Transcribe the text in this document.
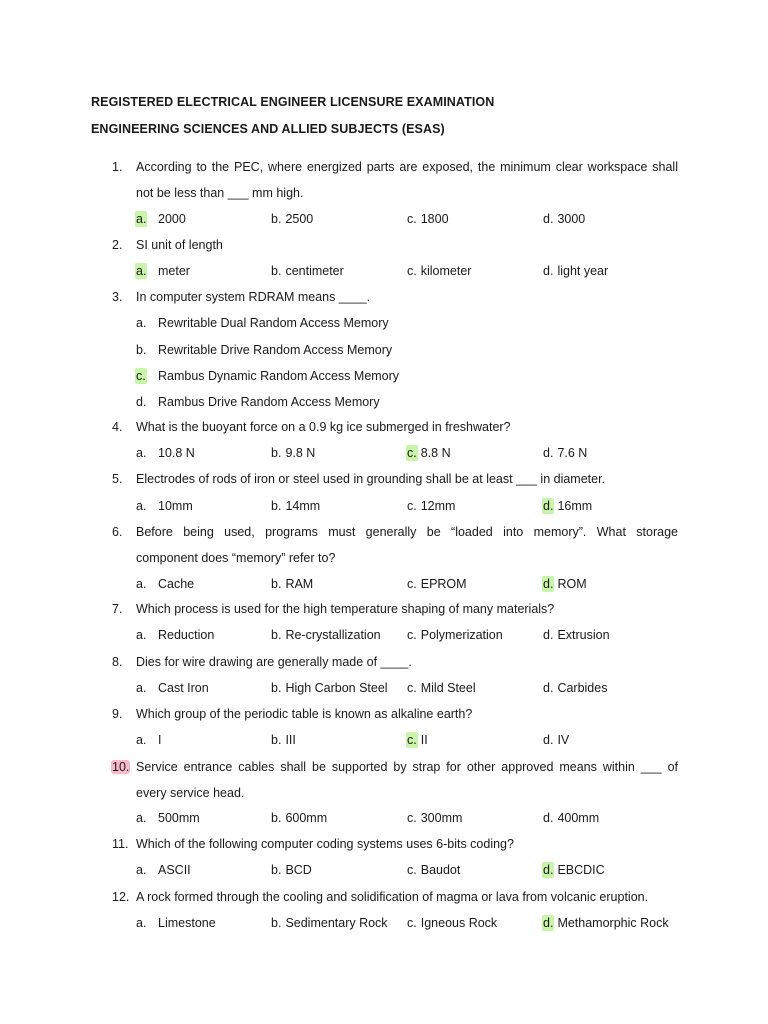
REGISTERED ELECTRICAL ENGINEER LICENSURE EXAMINATION
ENGINEERING SCIENCES AND ALLIED SUBJECTS (ESAS)
1. According to the PEC, where energized parts are exposed, the minimum clear workspace shall
not be less than ___ mm high.
a. 2000	b. 2500	c. 1800	d. 3000
2. SI unit of length
a. meter	b. centimeter	c. kilometer	d. light year
3. In computer system RDRAM means ____.
a. Rewritable Dual Random Access Memory
b. Rewritable Drive Random Access Memory
c. Rambus Dynamic Random Access Memory
d. Rambus Drive Random Access Memory
4. What is the buoyant force on a 0.9 kg ice submerged in freshwater?
a. 10.8 N	b. 9.8 N	c. 8.8 N	d. 7.6 N
5. Electrodes of rods of iron or steel used in grounding shall be at least ___ in diameter.
a. 10mm	b. 14mm	c. 12mm	d. 16mm
6. Before being used, programs must generally be “loaded into memory”. What storage
component does “memory” refer to?
a. Cache	b. RAM	c. EPROM	d. ROM
7. Which process is used for the high temperature shaping of many materials?
a. Reduction	b. Re-crystallization c. Polymerization	d. Extrusion
8. Dies for wire drawing are generally made of ____.
a. Cast Iron	b. High Carbon Steel c. Mild Steel	d. Carbides
9. Which group of the periodic table is known as alkaline earth?
a. I	b. III	c. II	d. IV
10. Service entrance cables shall be supported by strap for other approved means within ___ of
every service head.
a. 500mm	b. 600mm	c. 300mm	d. 400mm
11. Which of the following computer coding systems uses 6-bits coding?
a. ASCII	b. BCD	c. Baudot	d. EBCDIC
12. A rock formed through the cooling and solidification of magma or lava from volcanic eruption.
a. Limestone	b. Sedimentary Rock c. Igneous Rock	d. Methamorphic Rock
